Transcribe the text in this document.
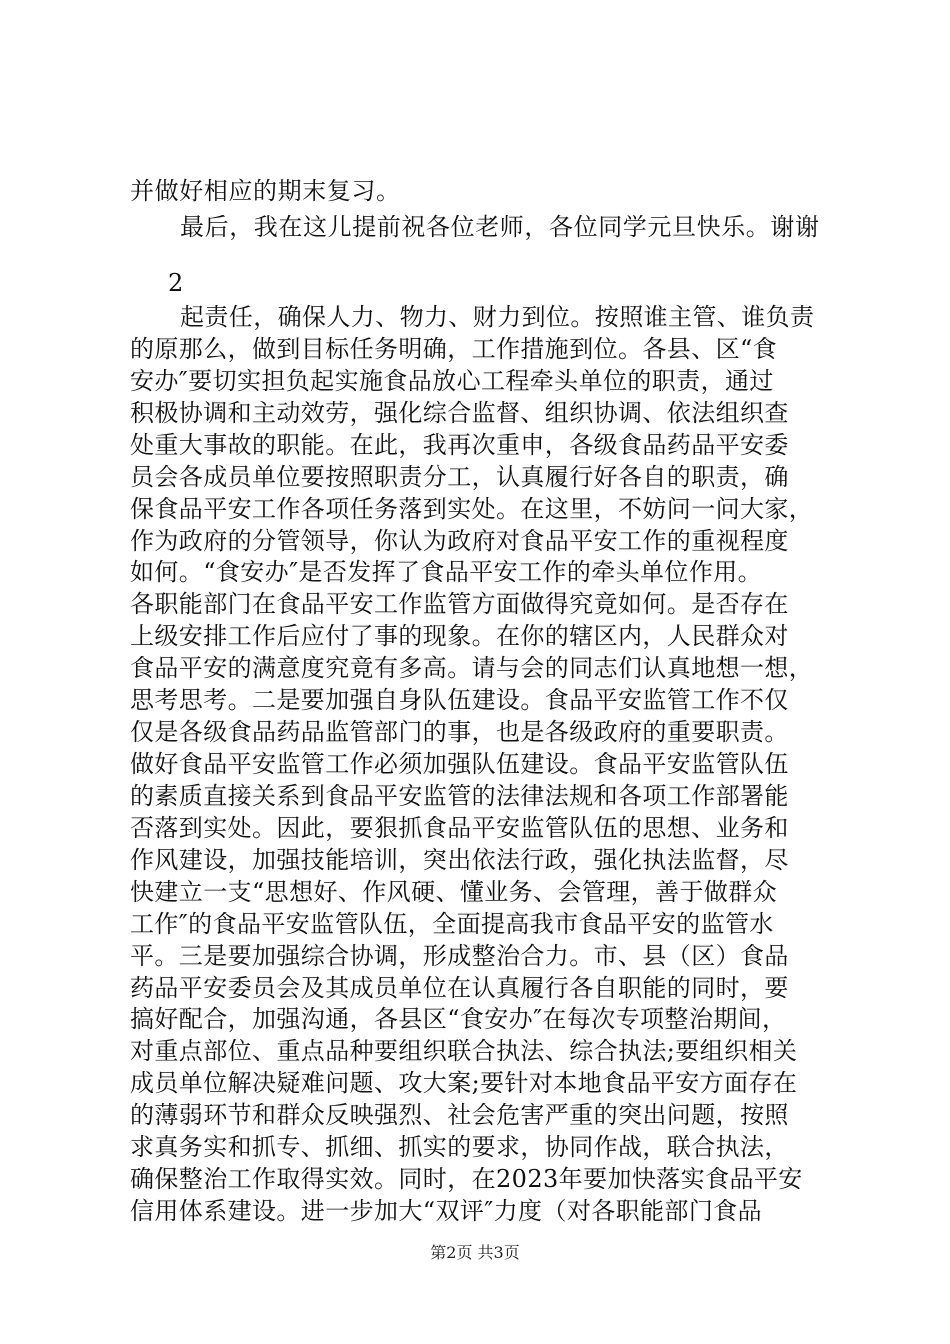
并做好相应的期末复习。
最后，我在这儿提前祝各位老师，各位同学元旦快乐。谢谢
2
起责任，确保人力、物力、财力到位。按照谁主管、谁负责
的原那么，做到目标任务明确，工作措施到位。各县、区“食
安办″要切实担负起实施食品放心工程牵头单位的职责，通过
积极协调和主动效劳，强化综合监督、组织协调、依法组织查
处重大事故的职能。在此，我再次重申，各级食品药品平安委
员会各成员单位要按照职责分工，认真履行好各自的职责，确
保食品平安工作各项任务落到实处。在这里，不妨问一问大家，
作为政府的分管领导，你认为政府对食品平安工作的重视程度
如何。“食安办″是否发挥了食品平安工作的牵头单位作用。
各职能部门在食品平安工作监管方面做得究竟如何。是否存在
上级安排工作后应付了事的现象。在你的辖区内，人民群众对
食品平安的满意度究竟有多高。请与会的同志们认真地想一想，
思考思考。二是要加强自身队伍建设。食品平安监管工作不仅
仅是各级食品药品监管部门的事，也是各级政府的重要职责。
做好食品平安监管工作必须加强队伍建设。食品平安监管队伍
的素质直接关系到食品平安监管的法律法规和各项工作部署能
否落到实处。因此，要狠抓食品平安监管队伍的思想、业务和
作风建设，加强技能培训，突出依法行政，强化执法监督，尽
快建立一支“思想好、作风硬、懂业务、会管理，善于做群众
工作″的食品平安监管队伍，全面提高我市食品平安的监管水
平。三是要加强综合协调，形成整治合力。市、县（区）食品
药品平安委员会及其成员单位在认真履行各自职能的同时，要
搞好配合，加强沟通，各县区“食安办″在每次专项整治期间，
对重点部位、重点品种要组织联合执法、综合执法;要组织相关
成员单位解决疑难问题、攻大案;要针对本地食品平安方面存在
的薄弱环节和群众反映强烈、社会危害严重的突出问题，按照
求真务实和抓专、抓细、抓实的要求，协同作战，联合执法，
确保整治工作取得实效。同时，在2023年要加快落实食品平安
信用体系建设。进一步加大“双评″力度（对各职能部门食品
第2页 共3页
